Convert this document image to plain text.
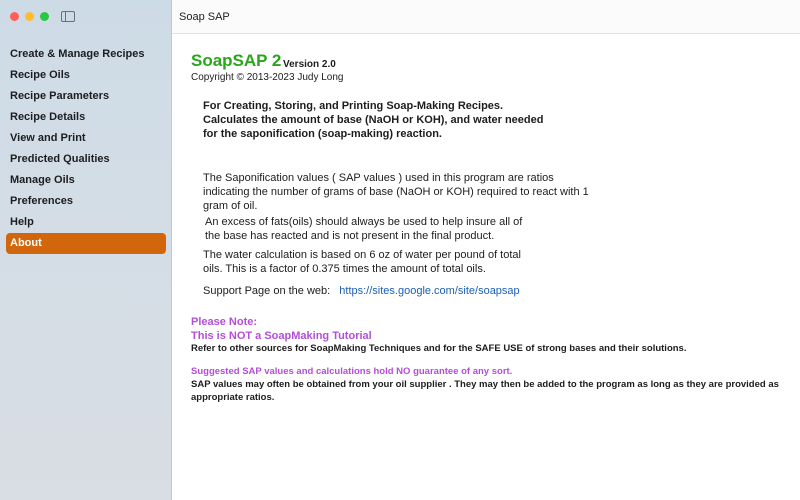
Create & Manage Recipes
Recipe Oils
Recipe Parameters
Recipe Details
View and Print
Predicted Qualities
Manage Oils
Preferences
Help
About
Soap SAP
SoapSAP 2 Version 2.0
Copyright © 2013-2023 Judy Long
For Creating, Storing, and Printing Soap-Making Recipes.
Calculates the amount of base (NaOH or KOH), and water needed
for the saponification (soap-making) reaction.
The Saponification values ( SAP values ) used in this program are ratios indicating the number of grams of base (NaOH or KOH) required to react with 1 gram of oil.
An excess of fats(oils) should always be used to help insure all of the base has reacted and is not present in the final product.
The water calculation is based on 6 oz of water per pound of total oils. This is a factor of 0.375 times the amount of total oils.
Support Page on the web: https://sites.google.com/site/soapsap
Please Note:
This is NOT a SoapMaking Tutorial
Refer to other sources for SoapMaking Techniques and for the SAFE USE of strong bases and their solutions.
Suggested SAP values and calculations hold NO guarantee of any sort.
SAP values may often be obtained from your oil supplier . They may then be added to the program as long as they are provided as appropriate ratios.
